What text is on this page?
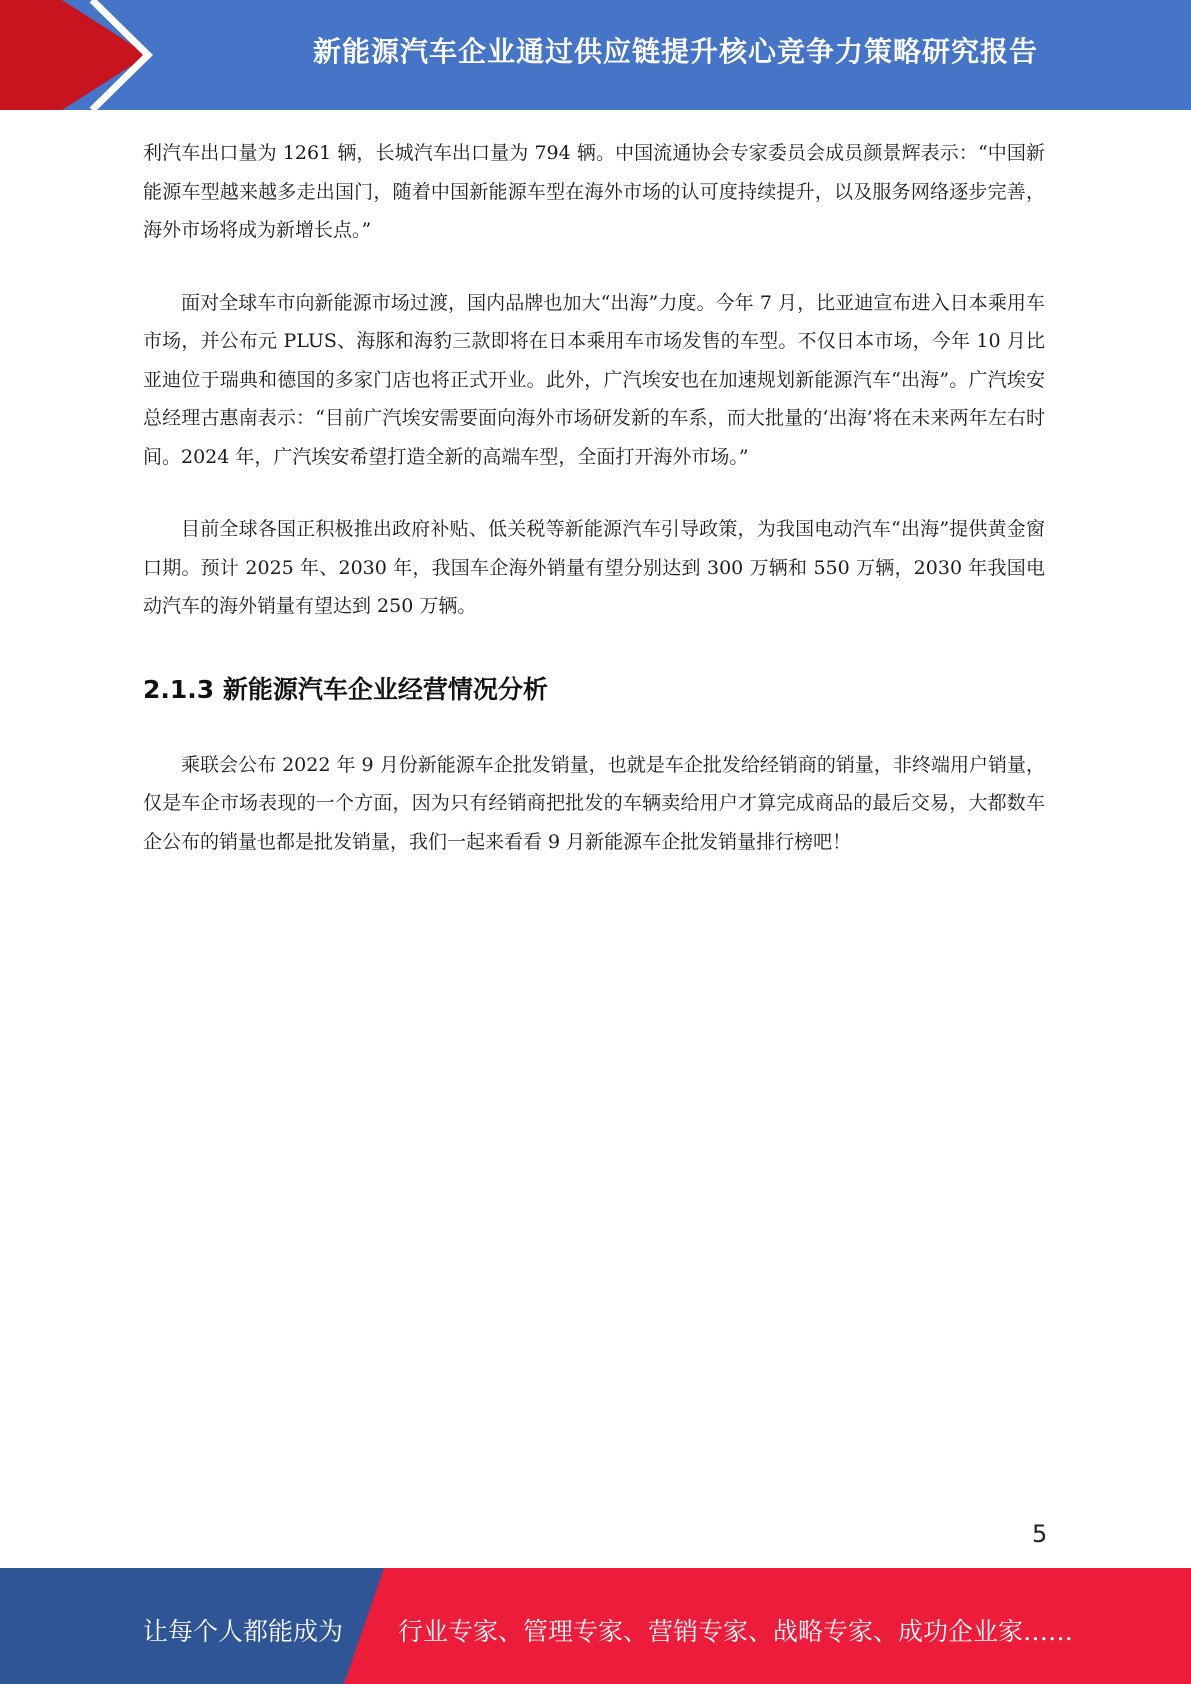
新能源汽车企业通过供应链提升核心竞争力策略研究报告

利汽车出口量为 1261 辆，长城汽车出口量为 794 辆。中国流通协会专家委员会成员颜景辉表示：“中国新能源车型越来越多走出国门，随着中国新能源车型在海外市场的认可度持续提升，以及服务网络逐步完善，海外市场将成为新增长点。”

面对全球车市向新能源市场过渡，国内品牌也加大“出海”力度。今年 7 月，比亚迪宣布进入日本乘用车市场，并公布元 PLUS、海豚和海豹三款即将在日本乘用车市场发售的车型。不仅日本市场，今年 10 月比亚迪位于瑞典和德国的多家门店也将正式开业。此外，广汽埃安也在加速规划新能源汽车“出海”。广汽埃安总经理古惠南表示：“目前广汽埃安需要面向海外市场研发新的车系，而大批量的‘出海’将在未来两年左右时间。2024 年，广汽埃安希望打造全新的高端车型，全面打开海外市场。”

目前全球各国正积极推出政府补贴、低关税等新能源汽车引导政策，为我国电动汽车“出海”提供黄金窗口期。预计 2025 年、2030 年，我国车企海外销量有望分别达到 300 万辆和 550 万辆，2030 年我国电动汽车的海外销量有望达到 250 万辆。

2.1.3 新能源汽车企业经营情况分析

乘联会公布 2022 年 9 月份新能源车企批发销量，也就是车企批发给经销商的销量，非终端用户销量，仅是车企市场表现的一个方面，因为只有经销商把批发的车辆卖给用户才算完成商品的最后交易，大都数车企公布的销量也都是批发销量，我们一起来看看 9 月新能源车企批发销量排行榜吧！

5
让每个人都能成为 行业专家、管理专家、营销专家、战略专家、成功企业家……
